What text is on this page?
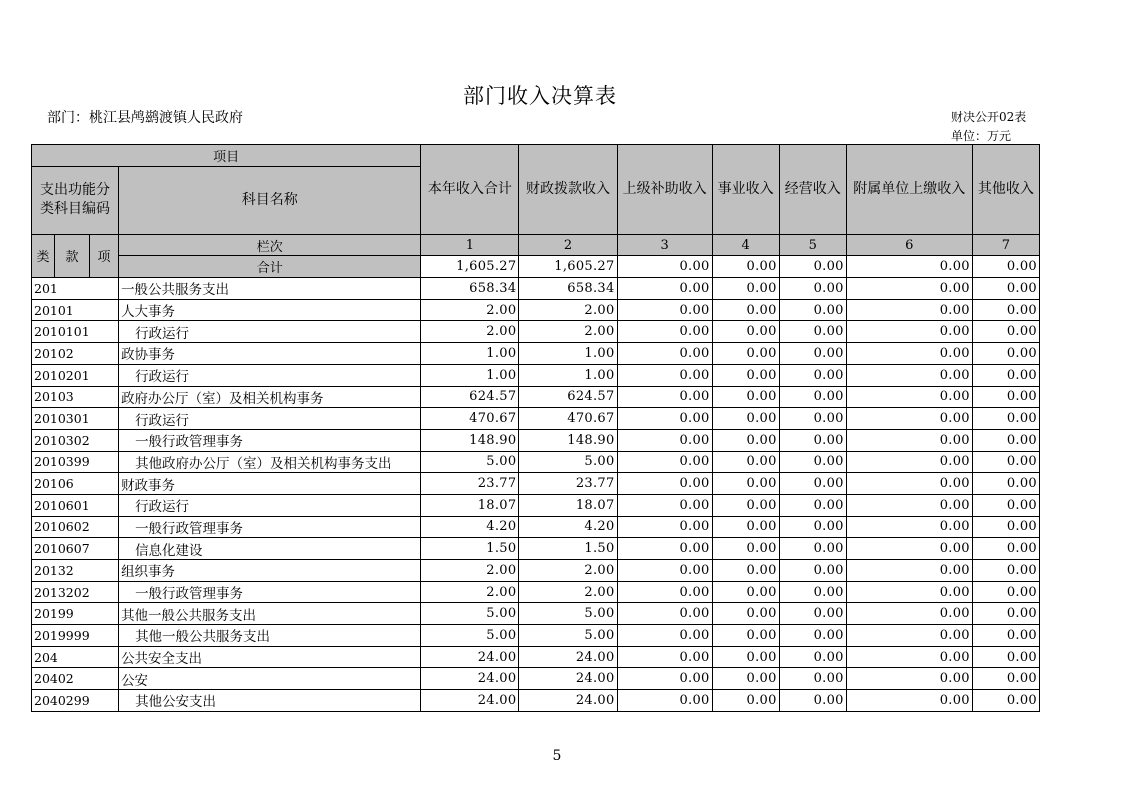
部门收入决算表
部门：桃江县鸬鹚渡镇人民政府	财决公开02表
单位：万元
项目				本年收入合计	财政拨款收入	上级补助收入	事业收入	经营收入	附属单位上缴收入	其他收入
支出功能分类科目编码			科目名称							
类	款	项	栏次	1	2	3	4	5	6	7
			合计	1,605.27	1,605.27	0.00	0.00	0.00	0.00	0.00
201			一般公共服务支出	658.34	658.34	0.00	0.00	0.00	0.00	0.00
20101			人大事务	2.00	2.00	0.00	0.00	0.00	0.00	0.00
2010101			行政运行	2.00	2.00	0.00	0.00	0.00	0.00	0.00
20102			政协事务	1.00	1.00	0.00	0.00	0.00	0.00	0.00
2010201			行政运行	1.00	1.00	0.00	0.00	0.00	0.00	0.00
20103			政府办公厅（室）及相关机构事务	624.57	624.57	0.00	0.00	0.00	0.00	0.00
2010301			行政运行	470.67	470.67	0.00	0.00	0.00	0.00	0.00
2010302			一般行政管理事务	148.90	148.90	0.00	0.00	0.00	0.00	0.00
2010399			其他政府办公厅（室）及相关机构事务支出	5.00	5.00	0.00	0.00	0.00	0.00	0.00
20106			财政事务	23.77	23.77	0.00	0.00	0.00	0.00	0.00
2010601			行政运行	18.07	18.07	0.00	0.00	0.00	0.00	0.00
2010602			一般行政管理事务	4.20	4.20	0.00	0.00	0.00	0.00	0.00
2010607			信息化建设	1.50	1.50	0.00	0.00	0.00	0.00	0.00
20132			组织事务	2.00	2.00	0.00	0.00	0.00	0.00	0.00
2013202			一般行政管理事务	2.00	2.00	0.00	0.00	0.00	0.00	0.00
20199			其他一般公共服务支出	5.00	5.00	0.00	0.00	0.00	0.00	0.00
2019999			其他一般公共服务支出	5.00	5.00	0.00	0.00	0.00	0.00	0.00
204			公共安全支出	24.00	24.00	0.00	0.00	0.00	0.00	0.00
20402			公安	24.00	24.00	0.00	0.00	0.00	0.00	0.00
2040299			其他公安支出	24.00	24.00	0.00	0.00	0.00	0.00	0.00
5
